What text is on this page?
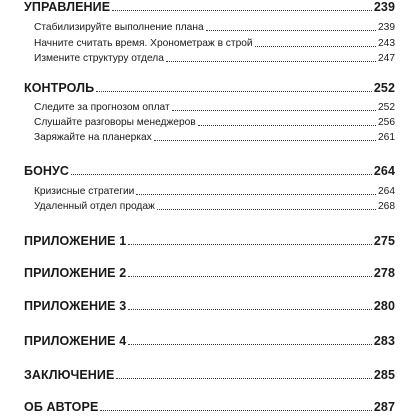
УПРАВЛЕНИЕ	239
Стабилизируйте выполнение плана	239
Начните считать время. Хронометраж в строй	243
Измените структуру отдела	247
КОНТРОЛЬ	252
Следите за прогнозом оплат	252
Слушайте разговоры менеджеров	256
Заряжайте на планерках	261
БОНУС	264
Кризисные стратегии	264
Удаленный отдел продаж	268
ПРИЛОЖЕНИЕ 1	275
ПРИЛОЖЕНИЕ 2	278
ПРИЛОЖЕНИЕ 3	280
ПРИЛОЖЕНИЕ 4	283
ЗАКЛЮЧЕНИЕ	285
ОБ АВТОРЕ	287
